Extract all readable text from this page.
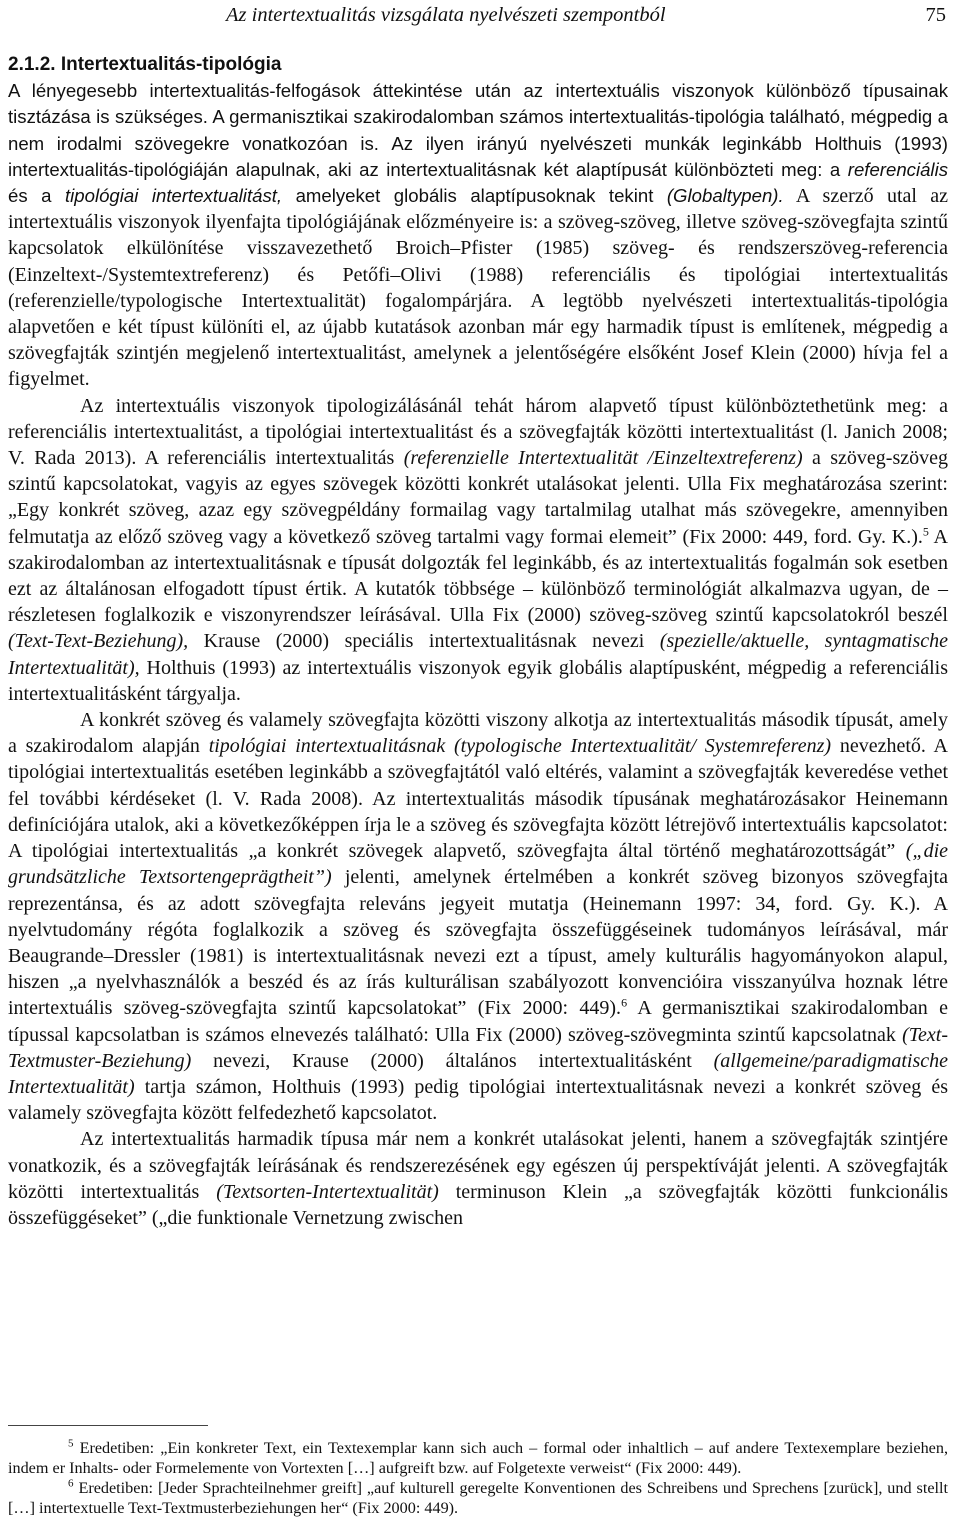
Az intertextualitás vizsgálata nyelvészeti szempontból	75

2.1.2. Intertextualitás-tipológia

A lényegesebb intertextualitás-felfogások áttekintése után az intertextuális viszonyok különböző típusainak tisztázása is szükséges. A germanisztikai szakirodalomban számos intertextualitás-tipológia található, mégpedig a nem irodalmi szövegekre vonatkozóan is. Az ilyen irányú nyelvészeti munkák leginkább Holthuis (1993) intertextualitás-tipológiáján alapulnak, aki az intertextualitásnak két alaptípusát különbözteti meg: a referenciális és a tipológiai intertextualitást, amelyeket globális alaptípusoknak tekint (Globaltypen). A szerző utal az intertextuális viszonyok ilyenfajta tipológiájának előzményeire is: a szöveg-szöveg, illetve szöveg-szövegfajta szintű kapcsolatok elkülönítése visszavezethető Broich–Pfister (1985) szöveg- és rendszerszöveg-referencia (Einzeltext-/Systemtextreferenz) és Petőfi–Olivi (1988) referenciális és tipológiai intertextualitás (referenzielle/typologische Intertextualität) fogalompárjára. A legtöbb nyelvészeti intertextualitás-tipológia alapvetően e két típust különíti el, az újabb kutatások azonban már egy harmadik típust is említenek, mégpedig a szövegfajták szintjén megjelenő intertextualitást, amelynek a jelentőségére elsőként Josef Klein (2000) hívja fel a figyelmet.

Az intertextuális viszonyok tipologizálásánál tehát három alapvető típust különböztethetünk meg: a referenciális intertextualitást, a tipológiai intertextualitást és a szövegfajták közötti intertextualitást (l. Janich 2008; V. Rada 2013). A referenciális intertextualitás (referenzielle Intertextualität /Einzeltextreferenz) a szöveg-szöveg szintű kapcsolatokat, vagyis az egyes szövegek közötti konkrét utalásokat jelenti. Ulla Fix meghatározása szerint: „Egy konkrét szöveg, azaz egy szövegpéldány formailag vagy tartalmilag utalhat más szövegekre, amennyiben felmutatja az előző szöveg vagy a következő szöveg tartalmi vagy formai elemeit” (Fix 2000: 449, ford. Gy. K.).$^5$ A szakirodalomban az intertextualitásnak e típusát dolgozták fel leginkább, és az intertextualitás fogalmán sok esetben ezt az általánosan elfogadott típust értik. A kutatók többsége – különböző terminológiát alkalmazva ugyan, de – részletesen foglalkozik e viszonyrendszer leírásával. Ulla Fix (2000) szöveg-szöveg szintű kapcsolatokról beszél (Text-Text-Beziehung), Krause (2000) speciális intertextualitásnak nevezi (spezielle/aktuelle, syntagmatische Intertextualität), Holthuis (1993) az intertextuális viszonyok egyik globális alaptípusként, mégpedig a referenciális intertextualitásként tárgyalja.

A konkrét szöveg és valamely szövegfajta közötti viszony alkotja az intertextualitás második típusát, amely a szakirodalom alapján tipológiai intertextualitásnak (typologische Intertextualität/ Systemreferenz) nevezhető. A tipológiai intertextualitás esetében leginkább a szövegfajtától való eltérés, valamint a szövegfajták keveredése vethet fel további kérdéseket (l. V. Rada 2008). Az intertextualitás második típusának meghatározásakor Heinemann definíciójára utalok, aki a következőképpen írja le a szöveg és szövegfajta között létrejövő intertextuális kapcsolatot: A tipológiai intertextualitás „a konkrét szövegek alapvető, szövegfajta által történő meghatározottságát” („die grundsätzliche Textsortengeprägtheit”) jelenti, amelynek értelmében a konkrét szöveg bizonyos szövegfajta reprezentánsa, és az adott szövegfajta releváns jegyeit mutatja (Heinemann 1997: 34, ford. Gy. K.). A nyelvtudomány régóta foglalkozik a szöveg és szövegfajta összefüggéseinek tudományos leírásával, már Beaugrande–Dressler (1981) is intertextualitásnak nevezi ezt a típust, amely kulturális hagyományokon alapul, hiszen „a nyelvhasználók a beszéd és az írás kulturálisan szabályozott konvencióira visszanyúlva hoznak létre intertextuális szöveg-szövegfajta szintű kapcsolatokat” (Fix 2000: 449).$^6$ A germanisztikai szakirodalomban e típussal kapcsolatban is számos elnevezés található: Ulla Fix (2000) szöveg-szövegminta szintű kapcsolatnak (Text-Textmuster-Beziehung) nevezi, Krause (2000) általános intertextualitásként (allgemeine/paradigmatische Intertextualität) tartja számon, Holthuis (1993) pedig tipológiai intertextualitásnak nevezi a konkrét szöveg és valamely szövegfajta között felfedezhető kapcsolatot.

Az intertextualitás harmadik típusa már nem a konkrét utalásokat jelenti, hanem a szövegfajták szintjére vonatkozik, és a szövegfajták leírásának és rendszerezésének egy egészen új perspektíváját jelenti. A szövegfajták közötti intertextualitás (Textsorten-Intertextualität) terminuson Klein „a szövegfajták közötti funkcionális összefüggéseket” („die funktionale Vernetzung zwischen

$^5$ Eredetiben: „Ein konkreter Text, ein Textexemplar kann sich auch – formal oder inhaltlich – auf andere Textexemplare beziehen, indem er Inhalts- oder Formelemente von Vortexten […] aufgreift bzw. auf Folgetexte verweist“ (Fix 2000: 449).

$^6$ Eredetiben: [Jeder Sprachteilnehmer greift] „auf kulturell geregelte Konventionen des Schreibens und Sprechens [zurück], und stellt […] intertextuelle Text-Textmusterbeziehungen her“ (Fix 2000: 449).
